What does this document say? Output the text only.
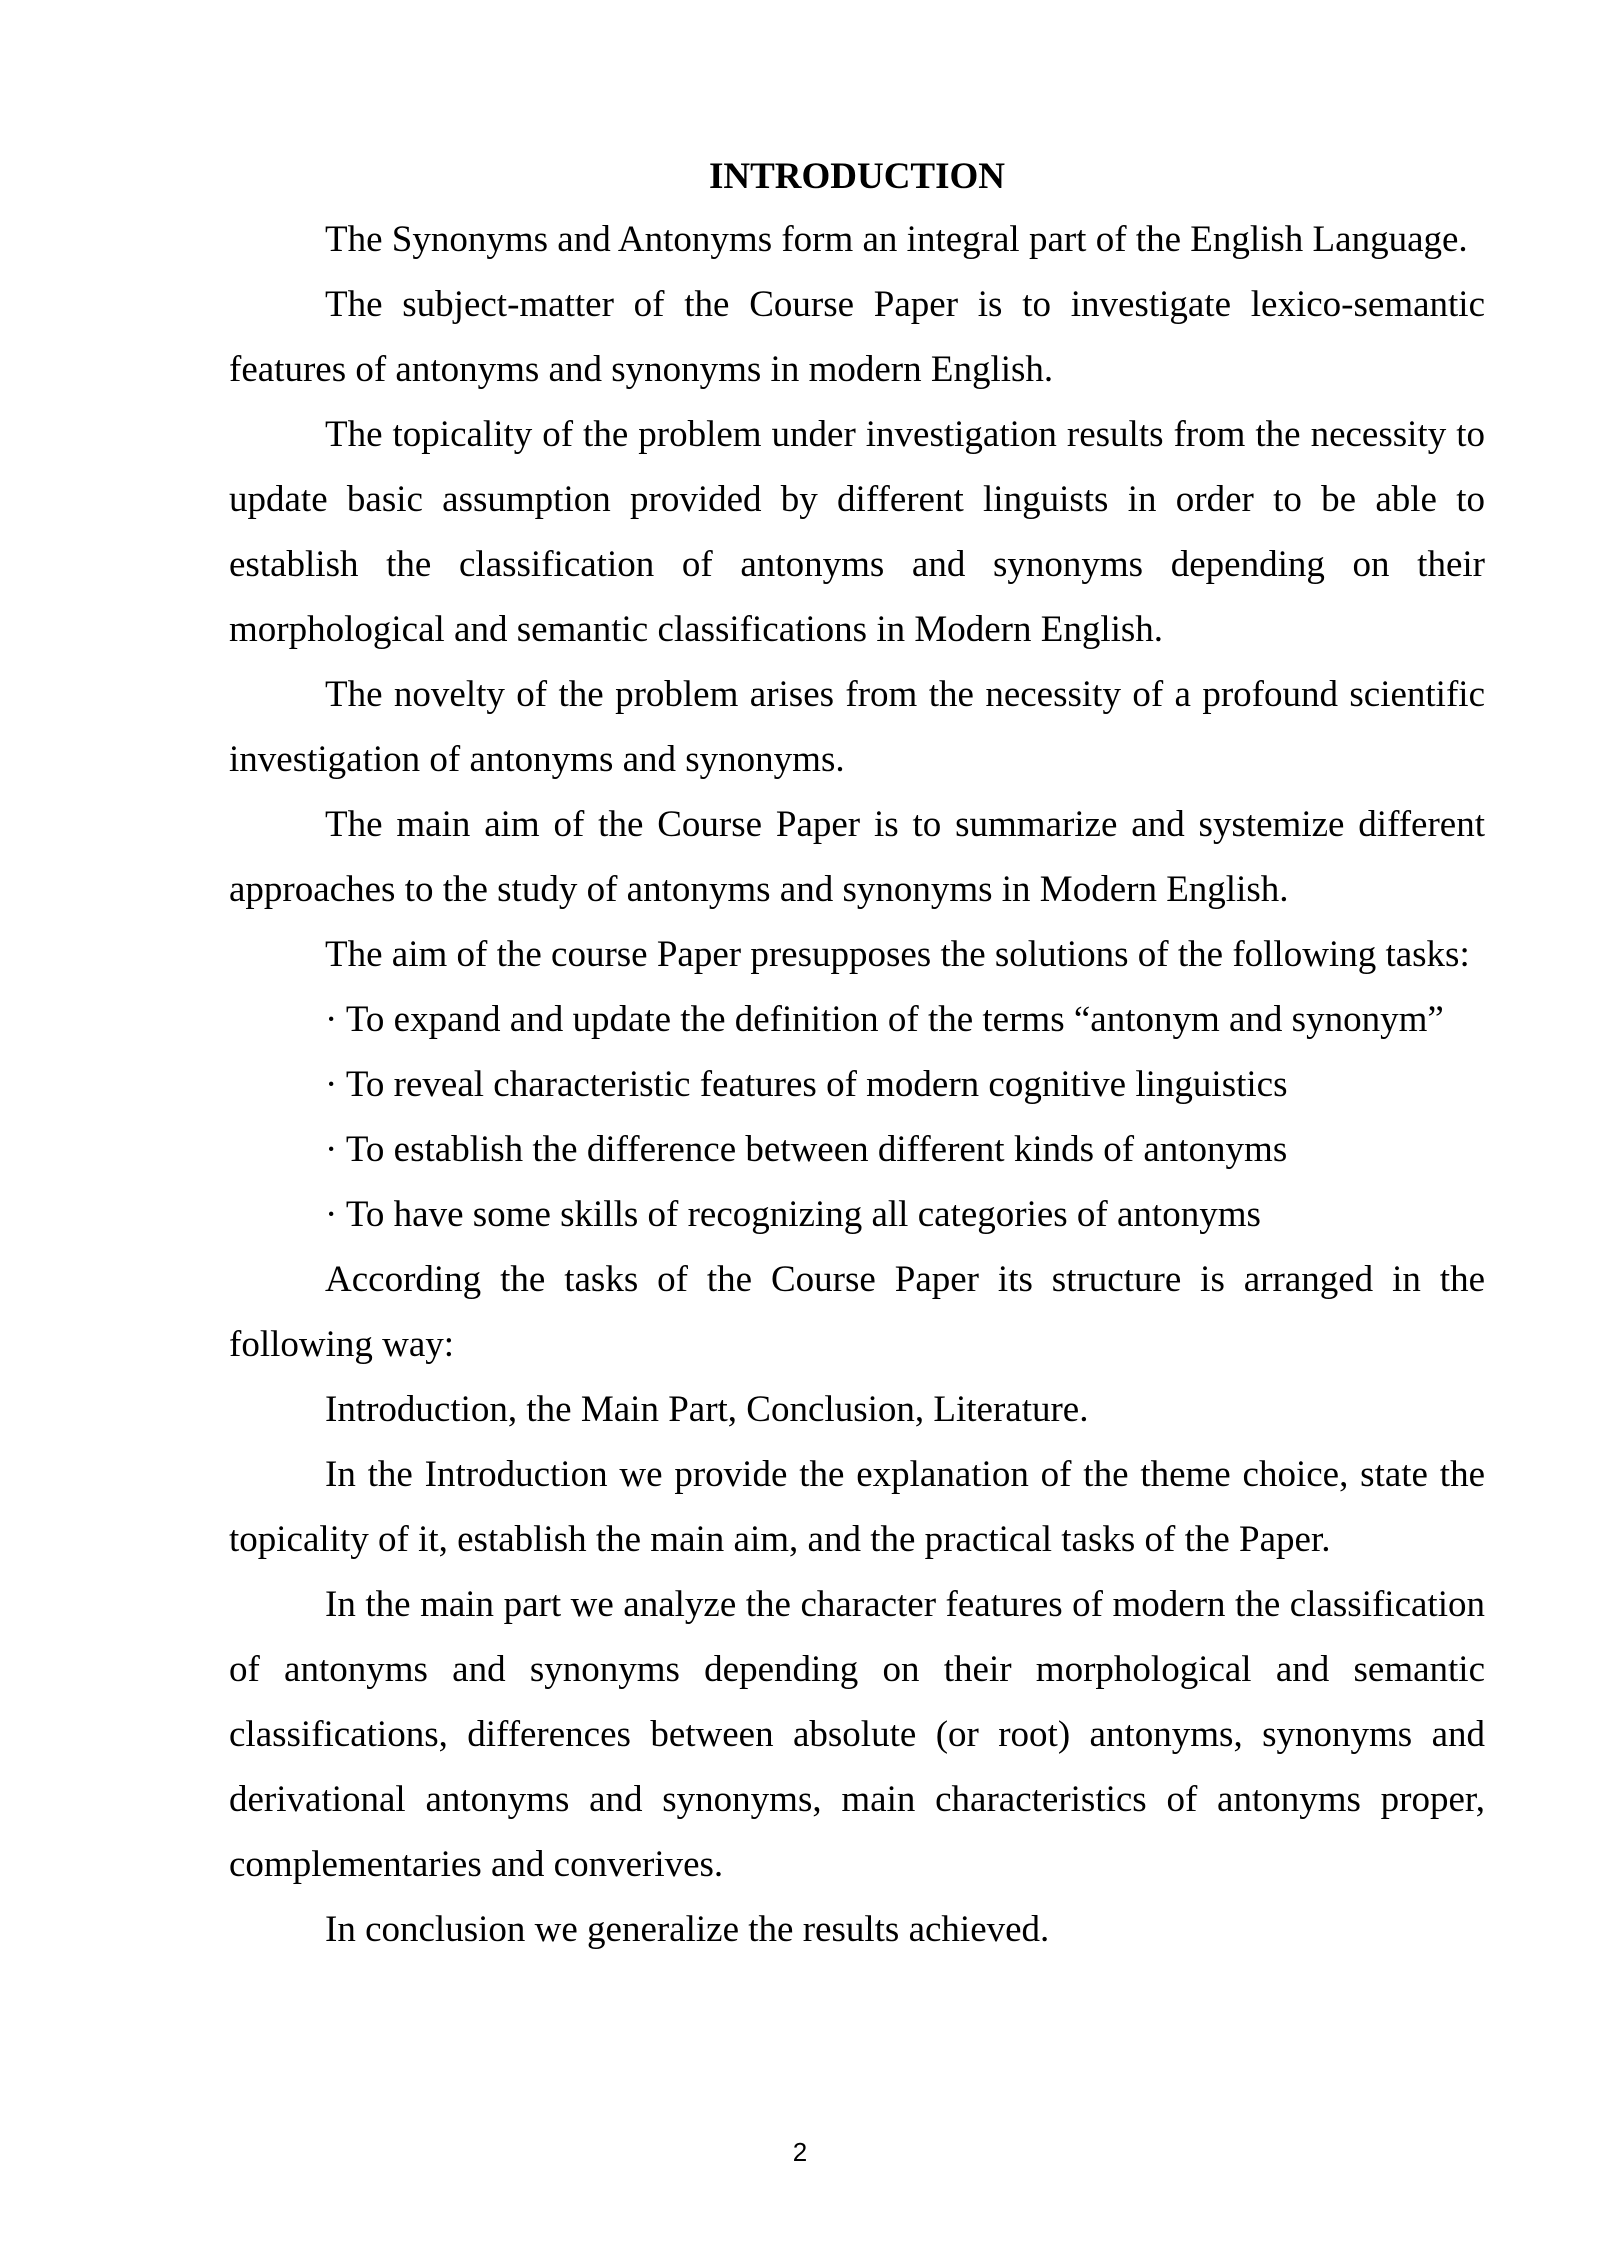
INTRODUCTION

The Synonyms and Antonyms form an integral part of the English Language.

The subject-matter of the Course Paper is to investigate lexico-semantic features of antonyms and synonyms in modern English.

The topicality of the problem under investigation results from the necessity to update basic assumption provided by different linguists in order to be able to establish the classification of antonyms and synonyms depending on their morphological and semantic classifications in Modern English.

The novelty of the problem arises from the necessity of a profound scientific investigation of antonyms and synonyms.

The main aim of the Course Paper is to summarize and systemize different approaches to the study of antonyms and synonyms in Modern English.

The aim of the course Paper presupposes the solutions of the following tasks:

· To expand and update the definition of the terms “antonym and synonym”

· To reveal characteristic features of modern cognitive linguistics

· To establish the difference between different kinds of antonyms

· To have some skills of recognizing all categories of antonyms

According the tasks of the Course Paper its structure is arranged in the following way:

Introduction, the Main Part, Conclusion, Literature.

In the Introduction we provide the explanation of the theme choice, state the topicality of it, establish the main aim, and the practical tasks of the Paper.

In the main part we analyze the character features of modern the classification of antonyms and synonyms depending on their morphological and semantic classifications, differences between absolute (or root) antonyms, synonyms and derivational antonyms and synonyms, main characteristics of antonyms proper, complementaries and converives.

In conclusion we generalize the results achieved.

2
